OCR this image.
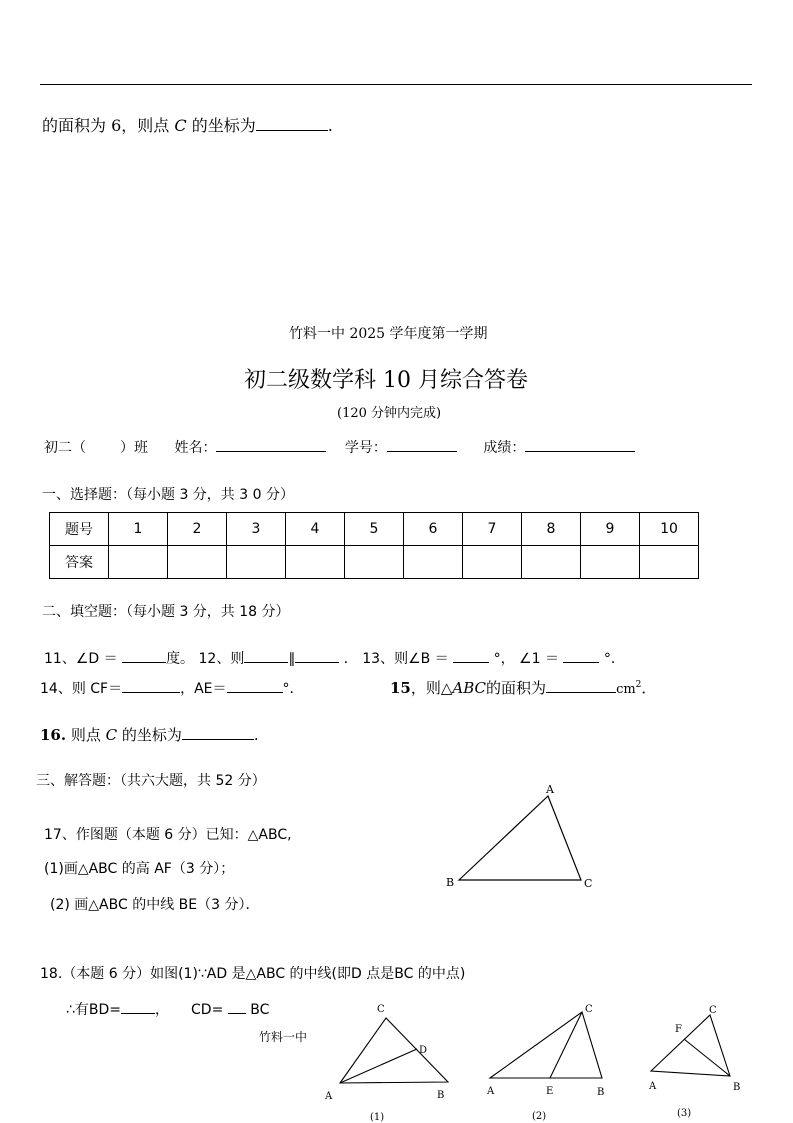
的面积为 6，则点 C 的坐标为	.
竹料一中 2025 学年度第一学期
初二级数学科 10 月综合答卷
(120 分钟内完成)
初二（ ）班 姓名：	学号：	成绩：
一、选择题：（每小题 3 分，共 3 0 分）
题号	1	2	3	4	5	6	7	8	9	10
答案										
二、填空题：（每小题 3 分，共 18 分）
11、∠D ＝	度。 12、则	∥	． 13、则∠B ＝	°， ∠1 ＝	°．
14、则 CF＝	，AE＝	°．	15，则△ABC的面积为	$cm^2$．
16. 则点 C 的坐标为	.
三、解答题：（共六大题，共 52 分）
17、作图题（本题 6 分）已知：△ABC,
(1)画△ABC 的高 AF（3 分）；
(2) 画△ABC 的中线 BE（3 分）．
A
B	C
18.（本题 6 分）如图(1)∵AD 是△ABC 的中线(即D 点是BC 的中点)
∴有BD= ， CD= BC
竹料一中
C
D
A	B
(1)
C
A	E	B
(2)
C
F
A	B
(3)
